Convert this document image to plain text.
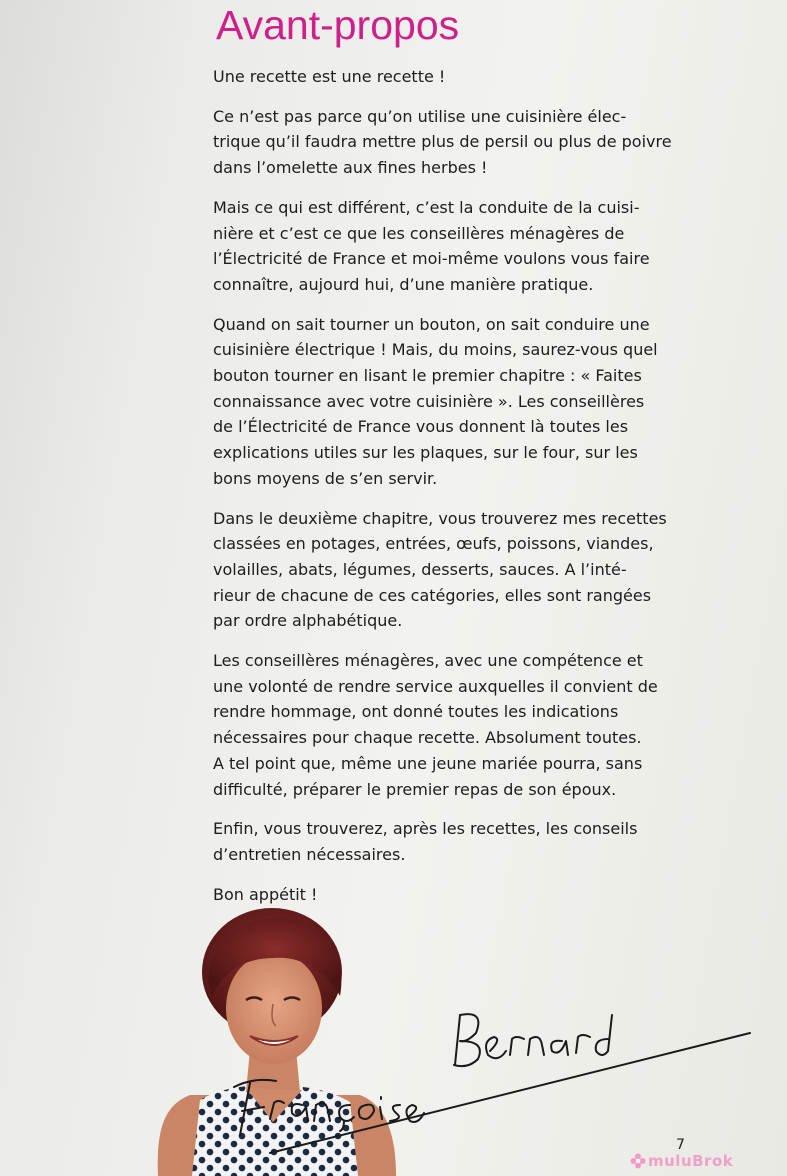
Avant-propos

Une recette est une recette !

Ce n’est pas parce qu’on utilise une cuisinière élec-
trique qu’il faudra mettre plus de persil ou plus de poivre
dans l’omelette aux fines herbes !

Mais ce qui est différent, c’est la conduite de la cuisi-
nière et c’est ce que les conseillères ménagères de
l’Électricité de France et moi-même voulons vous faire
connaître, aujourd hui, d’une manière pratique.

Quand on sait tourner un bouton, on sait conduire une
cuisinière électrique ! Mais, du moins, saurez-vous quel
bouton tourner en lisant le premier chapitre : « Faites
connaissance avec votre cuisinière ». Les conseillères
de l’Électricité de France vous donnent là toutes les
explications utiles sur les plaques, sur le four, sur les
bons moyens de s’en servir.

Dans le deuxième chapitre, vous trouverez mes recettes
classées en potages, entrées, œufs, poissons, viandes,
volailles, abats, légumes, desserts, sauces. A l’inté-
rieur de chacune de ces catégories, elles sont rangées
par ordre alphabétique.

Les conseillères ménagères, avec une compétence et
une volonté de rendre service auxquelles il convient de
rendre hommage, ont donné toutes les indications
nécessaires pour chaque recette. Absolument toutes.
A tel point que, même une jeune mariée pourra, sans
difficulté, préparer le premier repas de son époux.

Enfin, vous trouverez, après les recettes, les conseils
d’entretien nécessaires.

Bon appétit !

7
muluBrok
